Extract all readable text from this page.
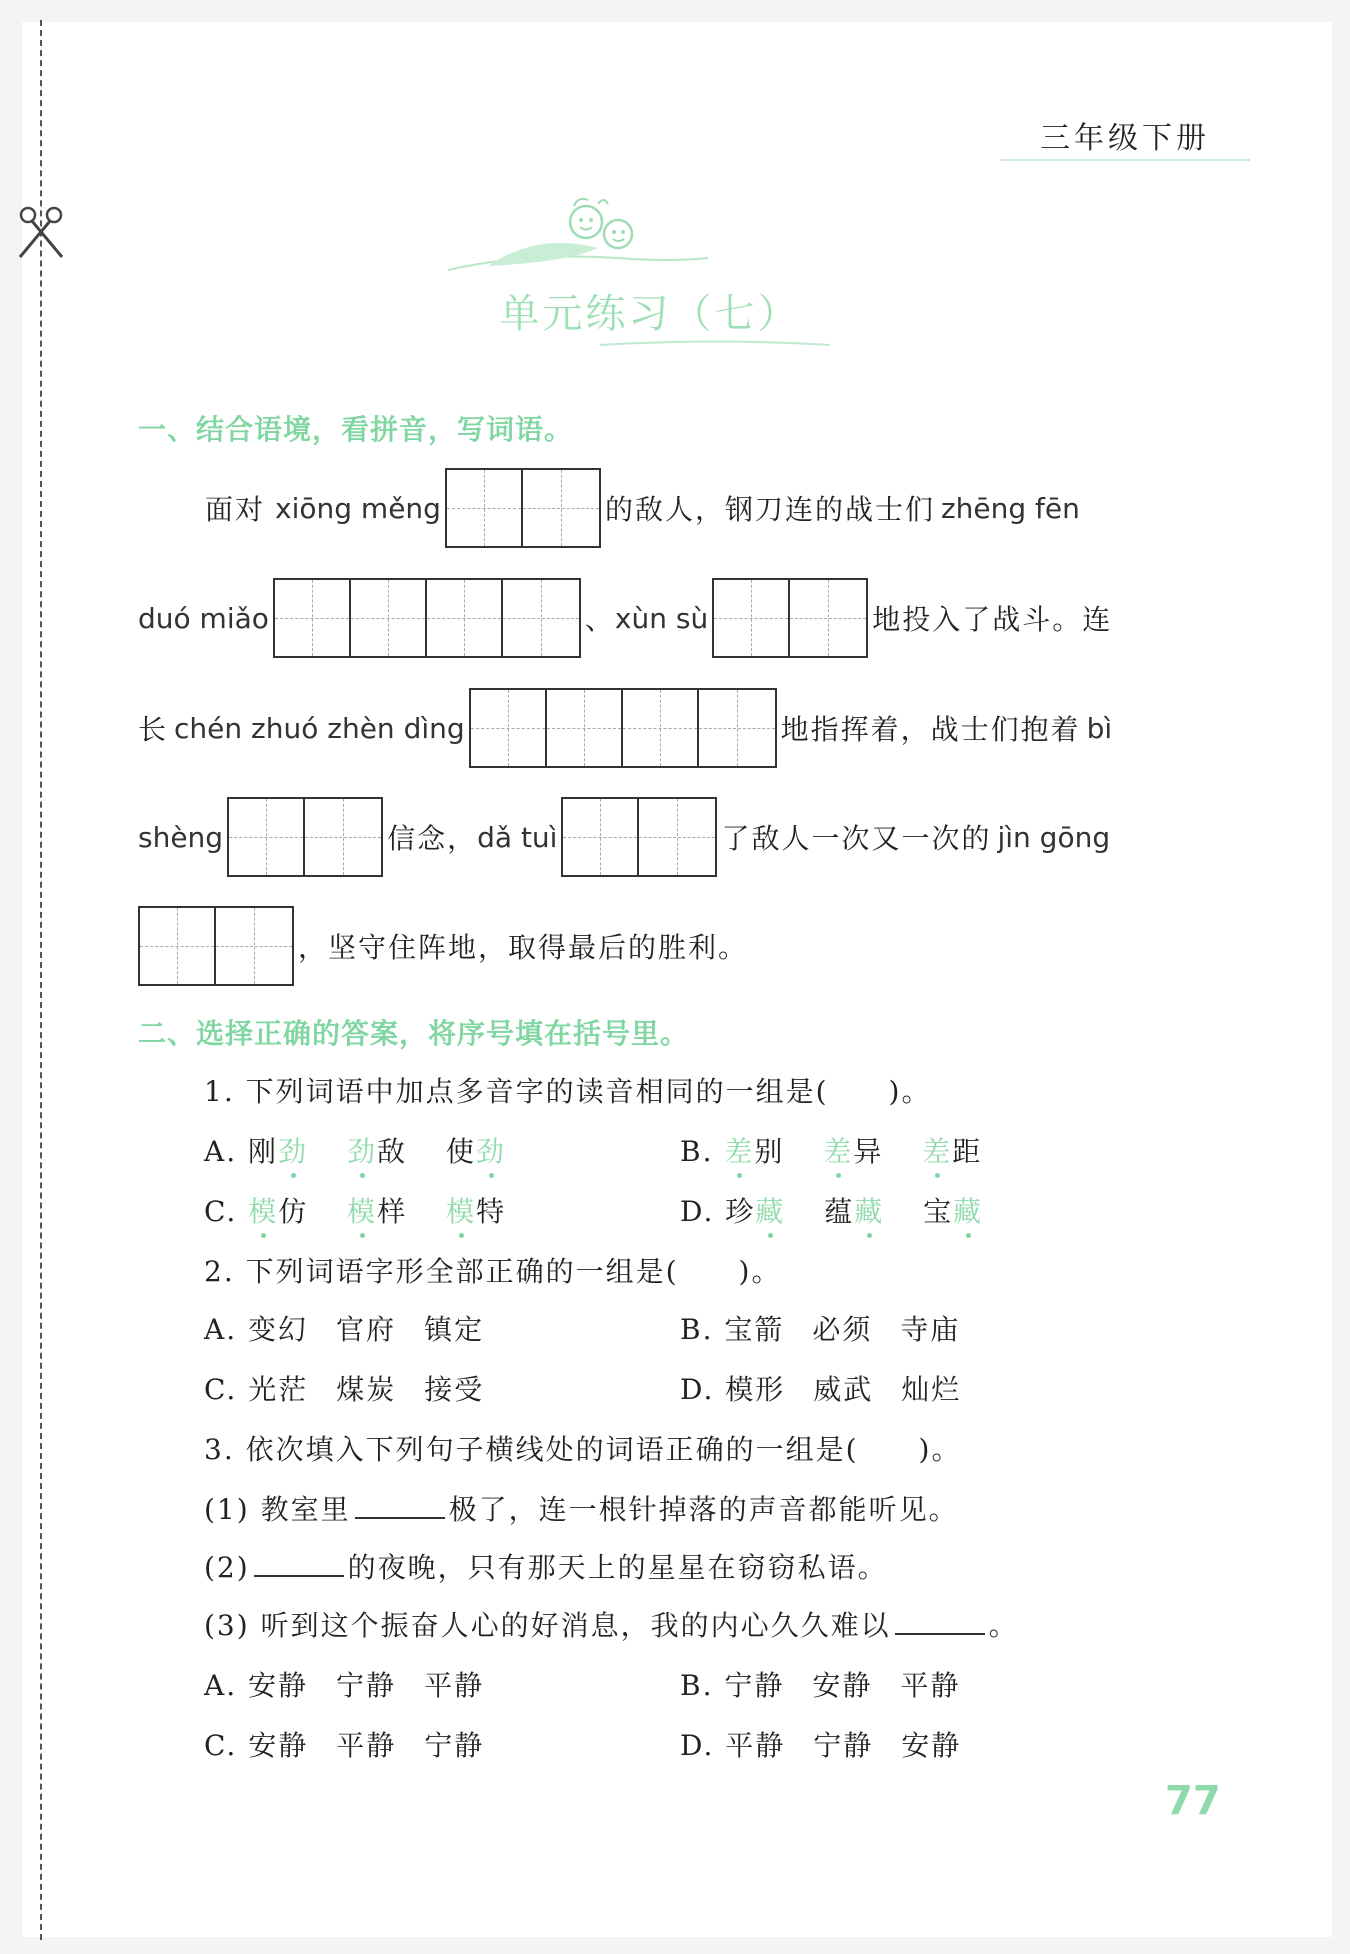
三年级下册
单元练习（七）
一、结合语境，看拼音，写词语。
面对 xiōng měng	的敌人，钢刀连的战士们 zhēng fēn
duó miǎo	、 xùn sù	地投入了战斗。连
长 chén zhuó zhèn dìng	地指挥着，战士们抱着 bì
shèng	信念， dǎ tuì	了敌人一次又一次的 jìn gōng
，坚守住阵地，取得最后的胜利。
二、选择正确的答案，将序号填在括号里。
1. 下列词语中加点多音字的读音相同的一组是(　　)。
A. 刚劲 劲敌 使劲	B. 差别 差异 差距
C. 模仿 模样 模特	D. 珍藏 蕴藏 宝藏
2. 下列词语字形全部正确的一组是(　　)。
A. 变幻 官府 镇定	B. 宝箭 必须 寺庙
C. 光茫 煤炭 接受	D. 模形 威武 灿烂
3. 依次填入下列句子横线处的词语正确的一组是(　　)。
(1) 教室里	极了，连一根针掉落的声音都能听见。
(2)	的夜晚，只有那天上的星星在窃窃私语。
(3) 听到这个振奋人心的好消息，我的内心久久难以	。
A. 安静 宁静 平静	B. 宁静 安静 平静
C. 安静 平静 宁静	D. 平静 宁静 安静
77
